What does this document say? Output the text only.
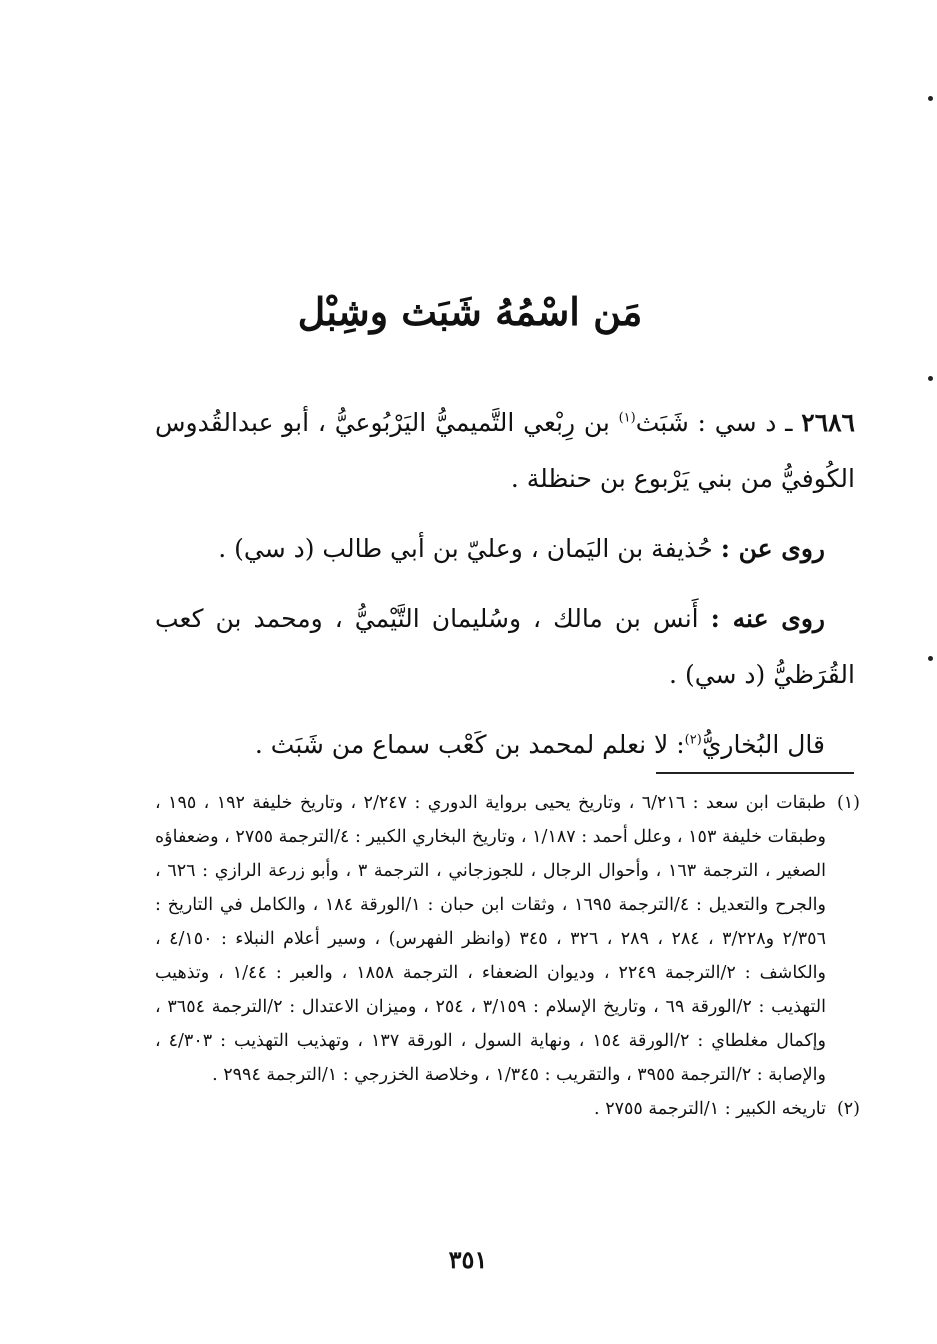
مَن اسْمُهُ شَبَث وشِبْل

٢٦٨٦ ـ د سي : شَبَث$^{(١)}$ بن رِبْعي التَّميميُّ اليَرْبُوعيُّ ، أبو عبدالقُدوس الكُوفيُّ من بني يَرْبوع بن حنظلة .

روى عن : حُذيفة بن اليَمان ، وعليّ بن أبي طالب (د سي) .

روى عنه : أَنس بن مالك ، وسُليمان التَّيْميُّ ، ومحمد بن كعب القُرَظيُّ (د سي) .

قال البُخاريُّ$^{(٢)}$: لا نعلم لمحمد بن كَعْب سماع من شَبَث .

(١)
طبقات ابن سعد : ٦/٢١٦ ، وتاريخ يحيى برواية الدوري : ٢/٢٤٧ ، وتاريخ خليفة ١٩٢ ، ١٩٥ ، وطبقات خليفة ١٥٣ ، وعلل أحمد : ١/١٨٧ ، وتاريخ البخاري الكبير : ٤/الترجمة ٢٧٥٥ ، وضعفاؤه الصغير ، الترجمة ١٦٣ ، وأحوال الرجال ، للجوزجاني ، الترجمة ٣ ، وأبو زرعة الرازي : ٦٢٦ ، والجرح والتعديل : ٤/الترجمة ١٦٩٥ ، وثقات ابن حبان : ١/الورقة ١٨٤ ، والكامل في التاريخ : ٢/٣٥٦ و٣/٢٢٨ ، ٢٨٤ ، ٢٨٩ ، ٣٢٦ ، ٣٤٥ (وانظر الفهرس) ، وسير أعلام النبلاء : ٤/١٥٠ ، والكاشف : ٢/الترجمة ٢٢٤٩ ، وديوان الضعفاء ، الترجمة ١٨٥٨ ، والعبر : ١/٤٤ ، وتذهيب التهذيب : ٢/الورقة ٦٩ ، وتاريخ الإسلام : ٣/١٥٩ ، ٢٥٤ ، وميزان الاعتدال : ٢/الترجمة ٣٦٥٤ ، وإكمال مغلطاي : ٢/الورقة ١٥٤ ، ونهاية السول ، الورقة ١٣٧ ، وتهذيب التهذيب : ٤/٣٠٣ ، والإصابة : ٢/الترجمة ٣٩٥٥ ، والتقريب : ١/٣٤٥ ، وخلاصة الخزرجي : ١/الترجمة ٢٩٩٤ .
(٢)
تاريخه الكبير : ١/الترجمة ٢٧٥٥ .
٣٥١
